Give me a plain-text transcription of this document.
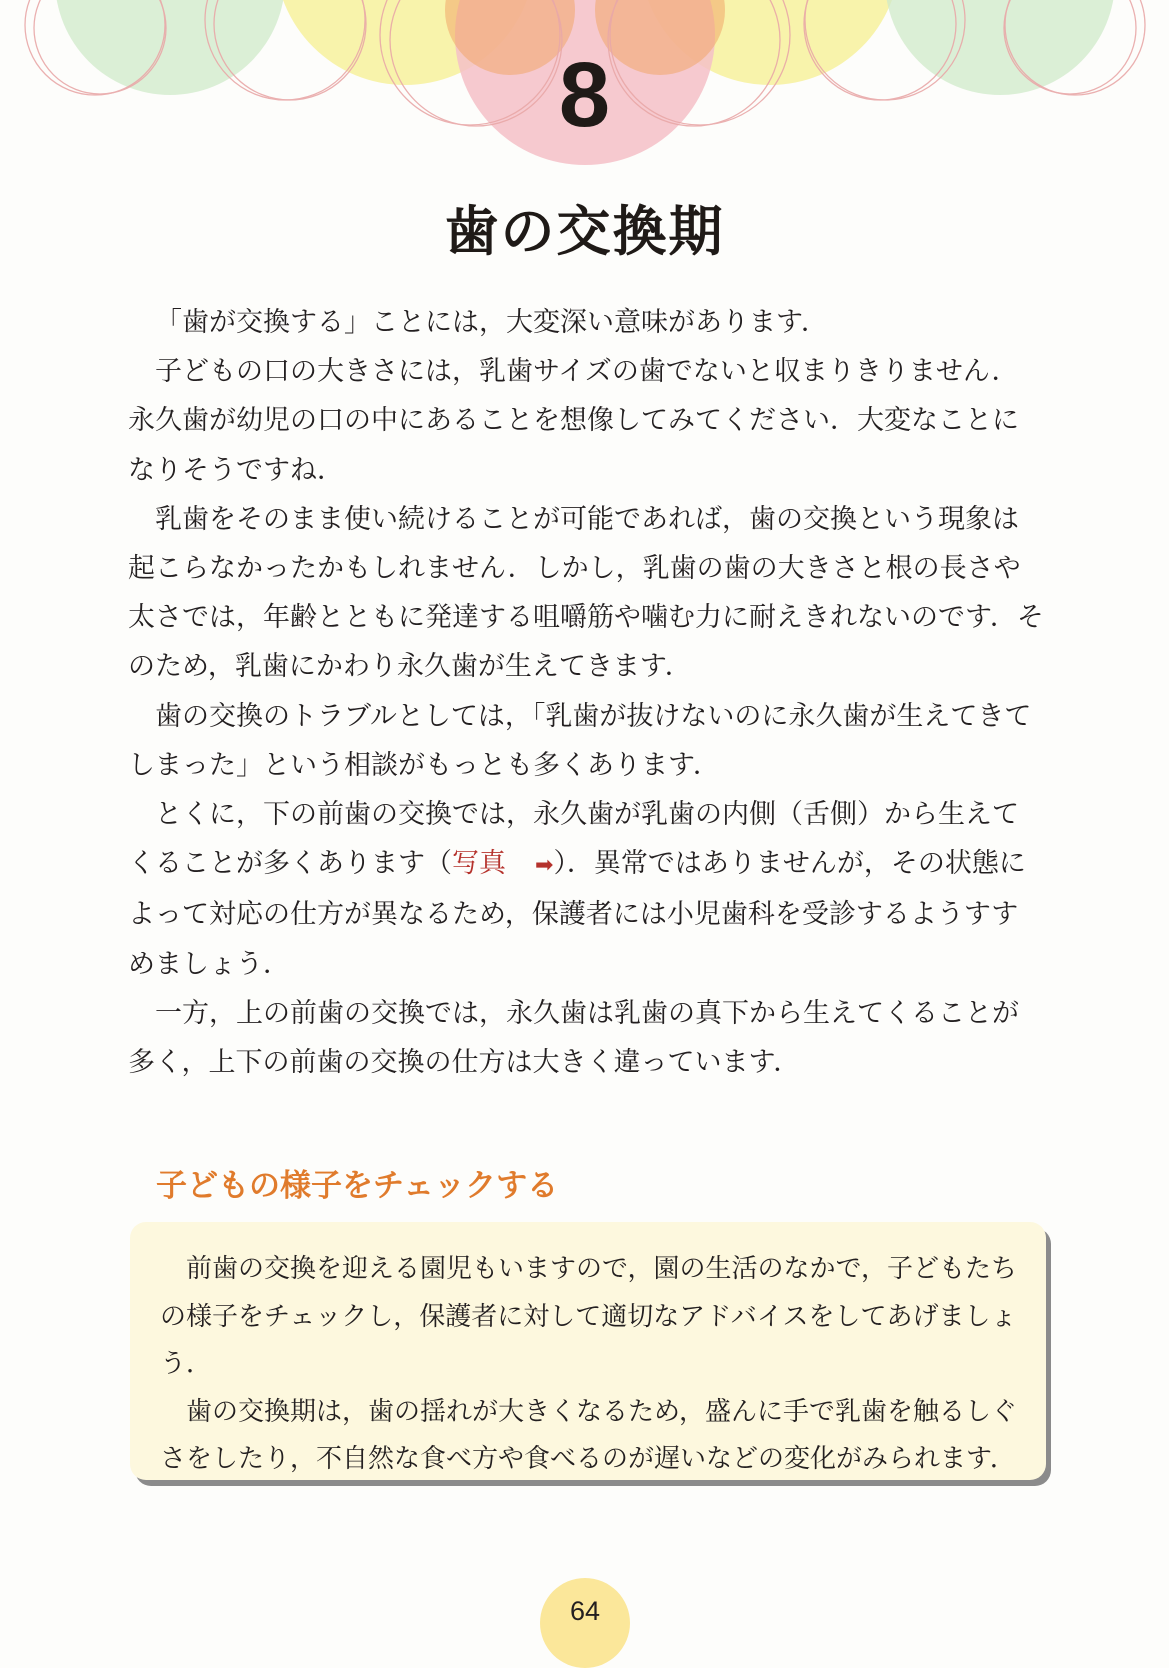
8
歯の交換期

「歯が交換する」ことには，大変深い意味があります．

子どもの口の大きさには，乳歯サイズの歯でないと収まりきりません．永久歯が幼児の口の中にあることを想像してみてください．大変なことになりそうですね．

乳歯をそのまま使い続けることが可能であれば，歯の交換という現象は起こらなかったかもしれません．しかし，乳歯の歯の大きさと根の長さや太さでは，年齢とともに発達する咀嚼筋や噛む力に耐えきれないのです．そのため，乳歯にかわり永久歯が生えてきます．

歯の交換のトラブルとしては，「乳歯が抜けないのに永久歯が生えてきてしまった」という相談がもっとも多くあります．

とくに，下の前歯の交換では，永久歯が乳歯の内側（舌側）から生えてくることが多くあります（写真 ➡）．異常ではありませんが，その状態によって対応の仕方が異なるため，保護者には小児歯科を受診するようすすめましょう．

一方，上の前歯の交換では，永久歯は乳歯の真下から生えてくることが多く，上下の前歯の交換の仕方は大きく違っています．

子どもの様子をチェックする

前歯の交換を迎える園児もいますので，園の生活のなかで，子どもたちの様子をチェックし，保護者に対して適切なアドバイスをしてあげましょう．

歯の交換期は，歯の揺れが大きくなるため，盛んに手で乳歯を触るしぐさをしたり，不自然な食べ方や食べるのが遅いなどの変化がみられます．

64
